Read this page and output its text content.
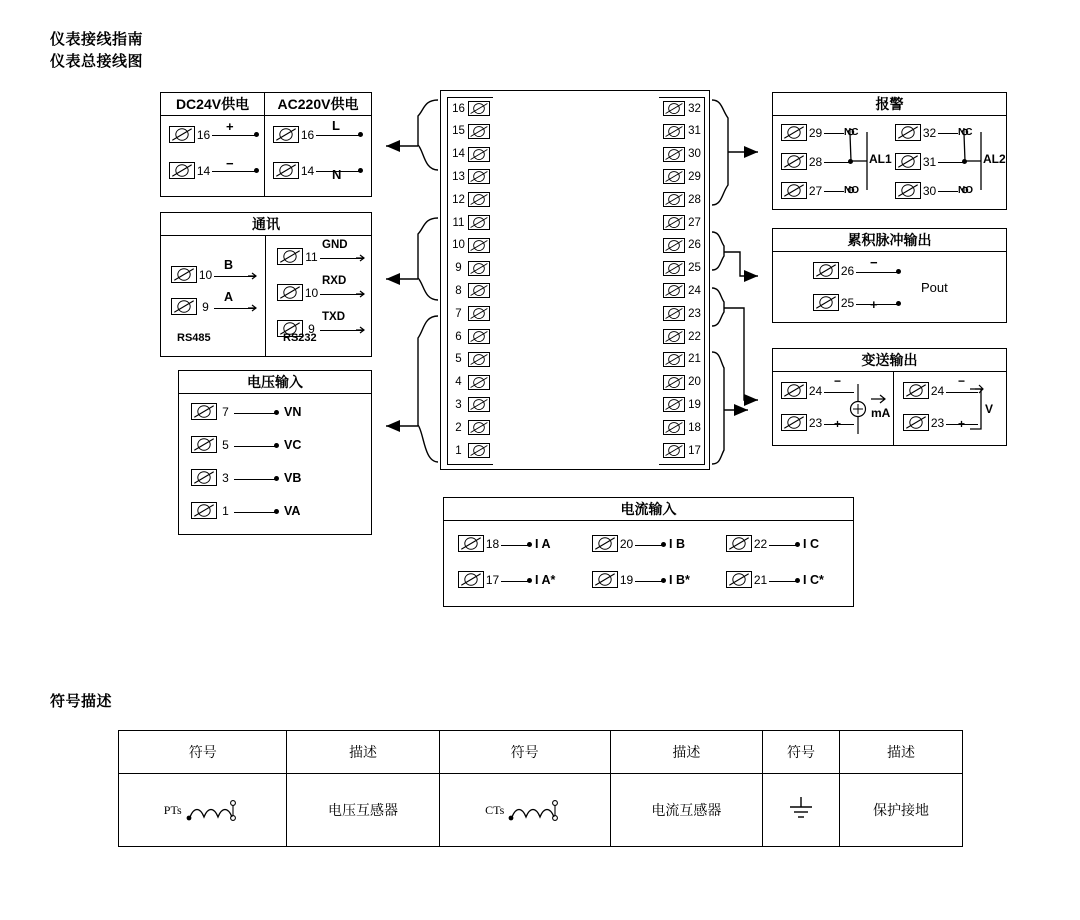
仪表接线指南
仪表总接线图
DC24V供电
16
+
14 −
AC220V供电
16
L
14 N
通讯
10
B
9
A
RS485
11
GND
10
RXD
9
TXD
RS232
电压输入
7	VN
5	VC
3	VB
1	VA
16
15
14
13
12
11
10
9
8
7
6
5
4
3
2
1
32
31
30
29
28
27
26
25
24
23
22
21
20
19
18
17
报警
29 NC
28
27 NO
AL1
32 NC
31
30 NO
AL2
累积脉冲输出
26
−
25 +
Pout
变送输出
24
−
23 +
mA
24
−
23 +
V
电流输入
18	I A
17	I A*
20	I B
19	I B*
22	I C
21	I C*
符号描述
符号	描述	符号	描述	符号	描述

PTs	电压互感器	CTs	电流互感器		保护接地
